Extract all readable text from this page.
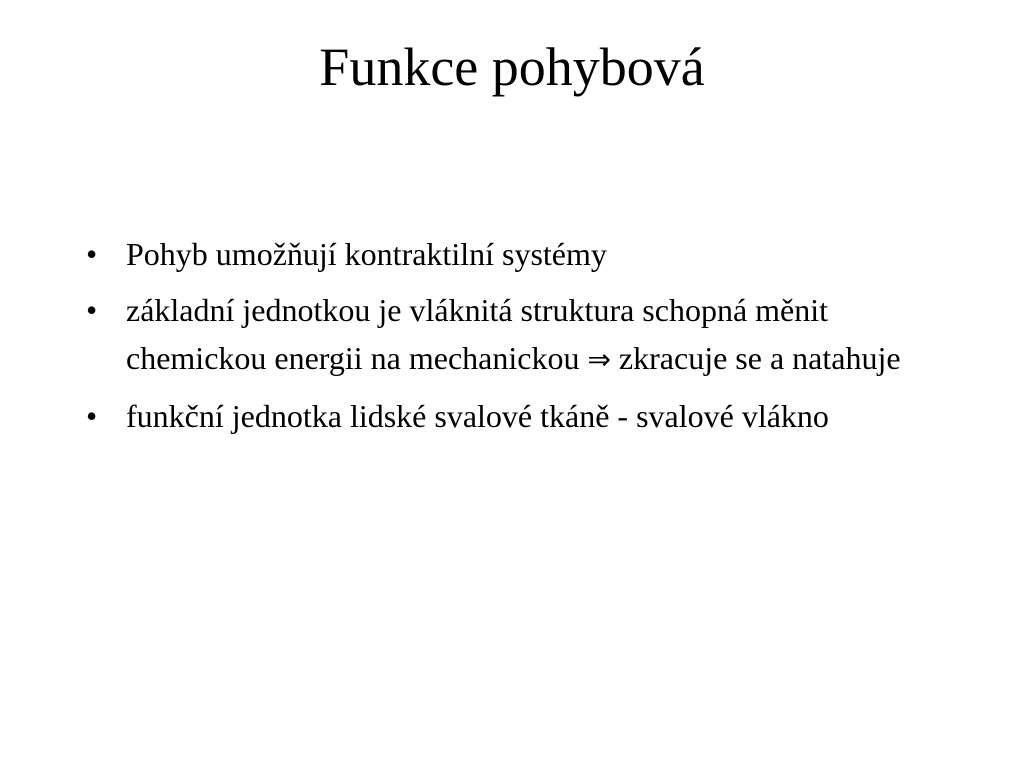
Funkce pohybová
• Pohyb umožňují kontraktilní systémy
• základní jednotkou je vláknitá struktura schopná měnit chemickou energii na mechanickou ⇒ zkracuje se a natahuje
• funkční jednotka lidské svalové tkáně - svalové vlákno
